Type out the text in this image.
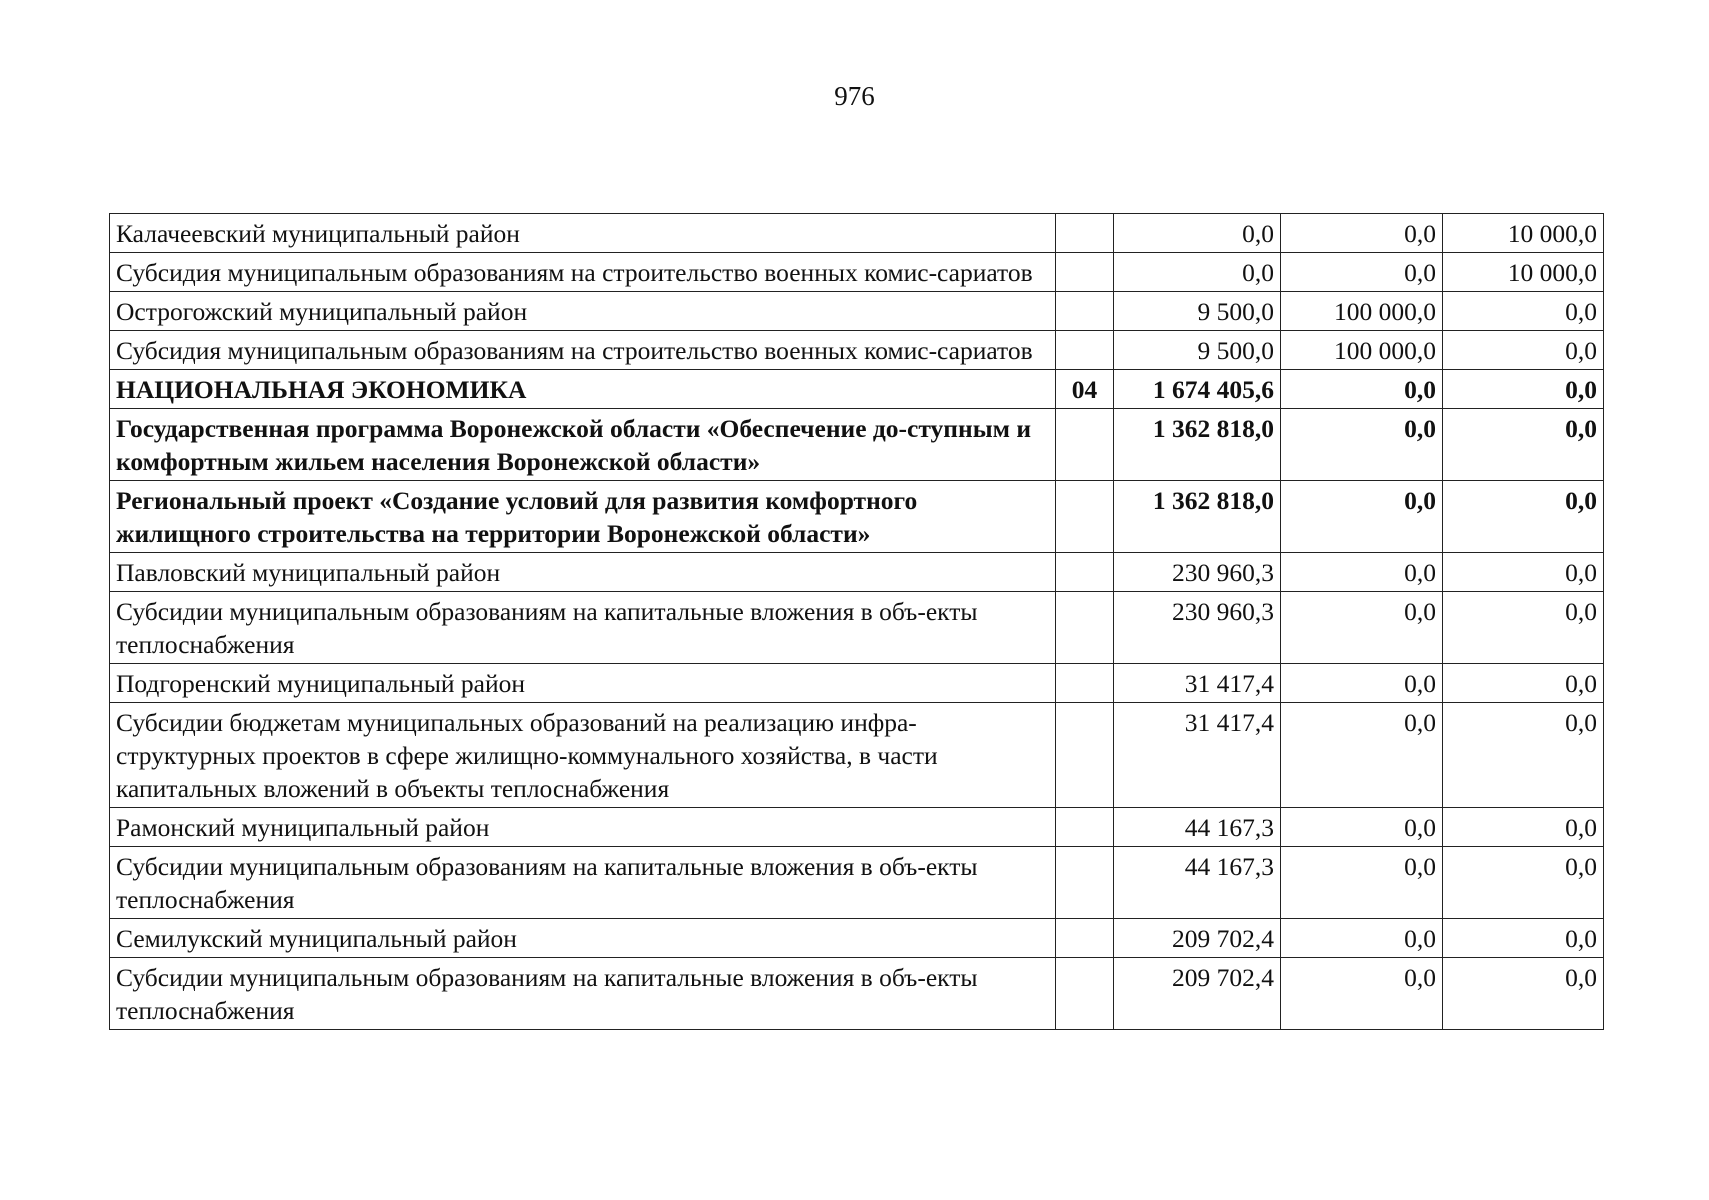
976
Калачеевский муниципальный район		0,0	0,0	10 000,0
Субсидия муниципальным образованиям на строительство военных комис-сариатов		0,0	0,0	10 000,0
Острогожский муниципальный район		9 500,0	100 000,0	0,0
Субсидия муниципальным образованиям на строительство военных комис-сариатов		9 500,0	100 000,0	0,0
НАЦИОНАЛЬНАЯ ЭКОНОМИКА	04	1 674 405,6	0,0	0,0
Государственная программа Воронежской области «Обеспечение до-ступным и комфортным жильем населения Воронежской области»		1 362 818,0	0,0	0,0
Региональный проект «Создание условий для развития комфортного жилищного строительства на территории Воронежской области»		1 362 818,0	0,0	0,0
Павловский муниципальный район		230 960,3	0,0	0,0
Субсидии муниципальным образованиям на капитальные вложения в объ-екты теплоснабжения		230 960,3	0,0	0,0
Подгоренский муниципальный район		31 417,4	0,0	0,0
Субсидии бюджетам муниципальных образований на реализацию инфра-структурных проектов в сфере жилищно-коммунального хозяйства, в части капитальных вложений в объекты теплоснабжения		31 417,4	0,0	0,0
Рамонский муниципальный район		44 167,3	0,0	0,0
Субсидии муниципальным образованиям на капитальные вложения в объ-екты теплоснабжения		44 167,3	0,0	0,0
Семилукский муниципальный район		209 702,4	0,0	0,0
Субсидии муниципальным образованиям на капитальные вложения в объ-екты теплоснабжения		209 702,4	0,0	0,0
